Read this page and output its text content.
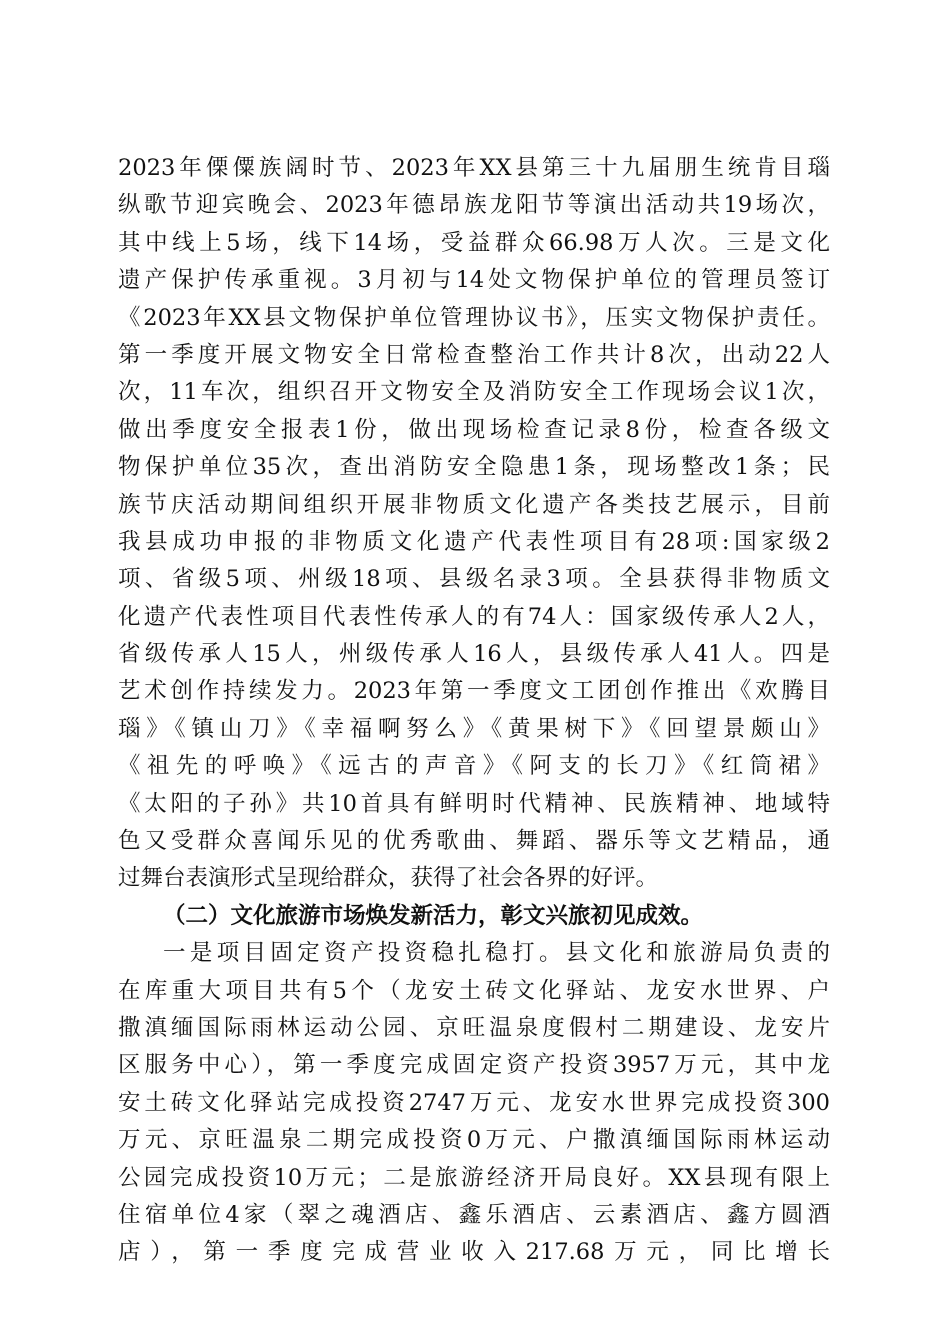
2023年傈僳族阔时节、2023年XX县第三十九届朋生统肯目瑙
纵歌节迎宾晚会、2023年德昂族龙阳节等演出活动共19场次，
其中线上5场，线下14场，受益群众66.98万人次。三是文化
遗产保护传承重视。3月初与14处文物保护单位的管理员签订
《2023年XX县文物保护单位管理协议书》，压实文物保护责任。
第一季度开展文物安全日常检查整治工作共计8次，出动22人
次，11车次，组织召开文物安全及消防安全工作现场会议1次，
做出季度安全报表1份，做出现场检查记录8份，检查各级文
物保护单位35次，查出消防安全隐患1条，现场整改1条；民
族节庆活动期间组织开展非物质文化遗产各类技艺展示，目前
我县成功申报的非物质文化遗产代表性项目有28项:国家级2
项、省级5项、州级18项、县级名录3项。全县获得非物质文
化遗产代表性项目代表性传承人的有74人：国家级传承人2人，
省级传承人15人，州级传承人16人，县级传承人41人。四是
艺术创作持续发力。2023年第一季度文工团创作推出《欢腾目
瑙》《镇山刀》《幸福啊努么》《黄果树下》《回望景颇山》
《祖先的呼唤》《远古的声音》《阿支的长刀》《红筒裙》
《太阳的子孙》共10首具有鲜明时代精神、民族精神、地域特
色又受群众喜闻乐见的优秀歌曲、舞蹈、器乐等文艺精品，通
过舞台表演形式呈现给群众，获得了社会各界的好评。
（二）文化旅游市场焕发新活力，彰文兴旅初见成效。
一是项目固定资产投资稳扎稳打。县文化和旅游局负责的
在库重大项目共有5个（龙安土砖文化驿站、龙安水世界、户
撒滇缅国际雨林运动公园、京旺温泉度假村二期建设、龙安片
区服务中心），第一季度完成固定资产投资3957万元，其中龙
安土砖文化驿站完成投资2747万元、龙安水世界完成投资300
万元、京旺温泉二期完成投资0万元、户撒滇缅国际雨林运动
公园完成投资10万元；二是旅游经济开局良好。XX县现有限上
住宿单位4家（翠之魂酒店、鑫乐酒店、云素酒店、鑫方圆酒
店），第一季度完成营业收入217.68万元，同比增长
